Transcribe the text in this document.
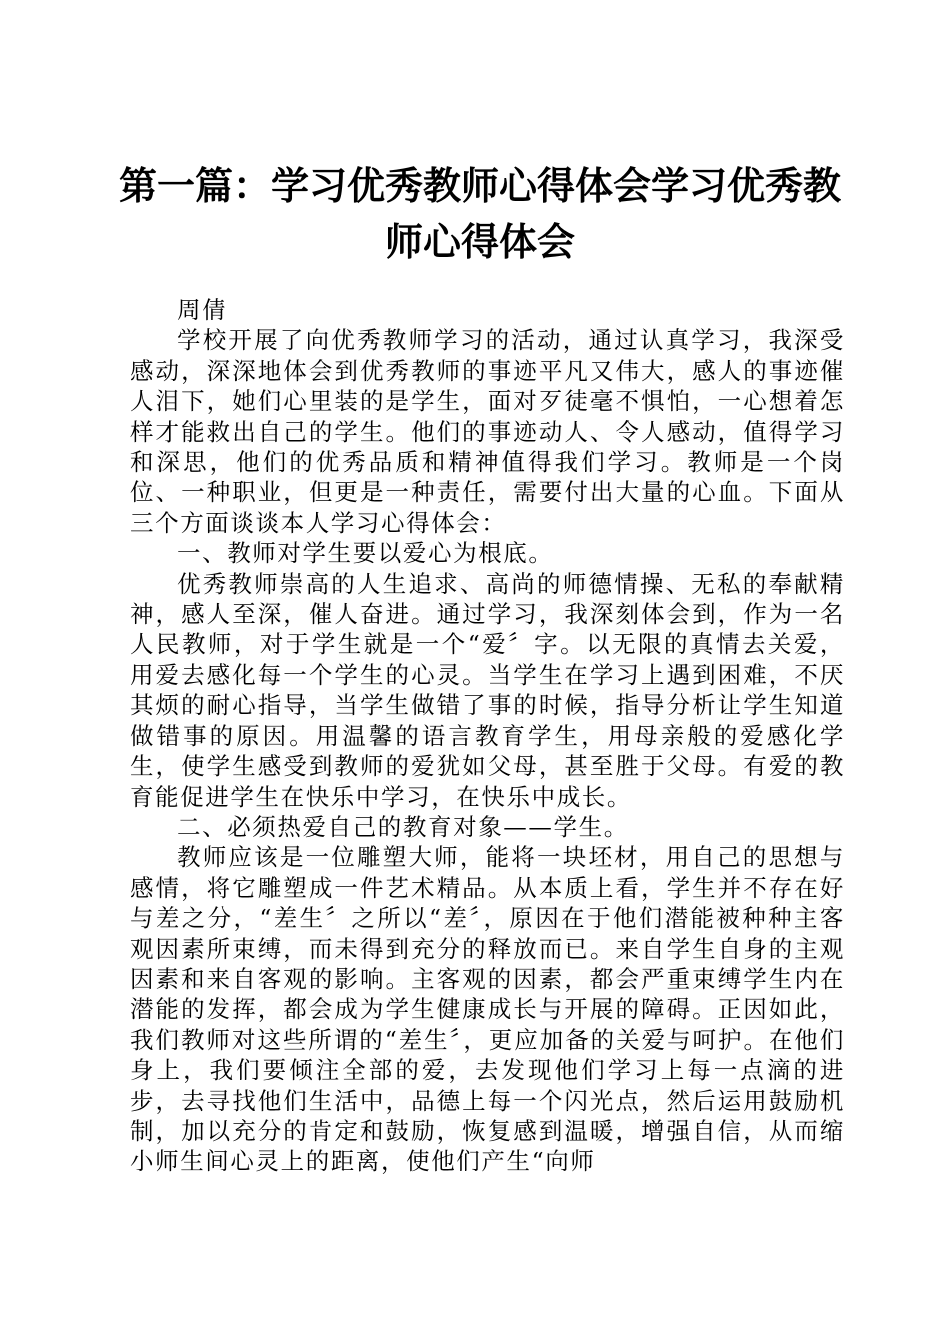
第一篇：学习优秀教师心得体会学习优秀教师心得体会

周倩

学校开展了向优秀教师学习的活动，通过认真学习，我深受感动，深深地体会到优秀教师的事迹平凡又伟大，感人的事迹催人泪下，她们心里装的是学生，面对歹徒毫不惧怕，一心想着怎样才能救出自己的学生。他们的事迹动人、令人感动，值得学习和深思，他们的优秀品质和精神值得我们学习。教师是一个岗位、一种职业，但更是一种责任，需要付出大量的心血。下面从三个方面谈谈本人学习心得体会：

一、教师对学生要以爱心为根底。

优秀教师崇高的人生追求、高尚的师德情操、无私的奉献精神，感人至深，催人奋进。通过学习，我深刻体会到，作为一名人民教师，对于学生就是一个“爱〞字。以无限的真情去关爱，用爱去感化每一个学生的心灵。当学生在学习上遇到困难，不厌其烦的耐心指导，当学生做错了事的时候，指导分析让学生知道做错事的原因。用温馨的语言教育学生，用母亲般的爱感化学生，使学生感受到教师的爱犹如父母，甚至胜于父母。有爱的教育能促进学生在快乐中学习，在快乐中成长。

二、必须热爱自己的教育对象——学生。

教师应该是一位雕塑大师，能将一块坯材，用自己的思想与感情，将它雕塑成一件艺术精品。从本质上看，学生并不存在好与差之分，“差生〞之所以“差〞，原因在于他们潜能被种种主客观因素所束缚，而未得到充分的释放而已。来自学生自身的主观因素和来自客观的影响。主客观的因素，都会严重束缚学生内在潜能的发挥，都会成为学生健康成长与开展的障碍。正因如此，我们教师对这些所谓的“差生〞，更应加备的关爱与呵护。在他们身上，我们要倾注全部的爱，去发现他们学习上每一点滴的进步，去寻找他们生活中，品德上每一个闪光点，然后运用鼓励机制，加以充分的肯定和鼓励，恢复感到温暖，增强自信，从而缩小师生间心灵上的距离，使他们产生“向师
